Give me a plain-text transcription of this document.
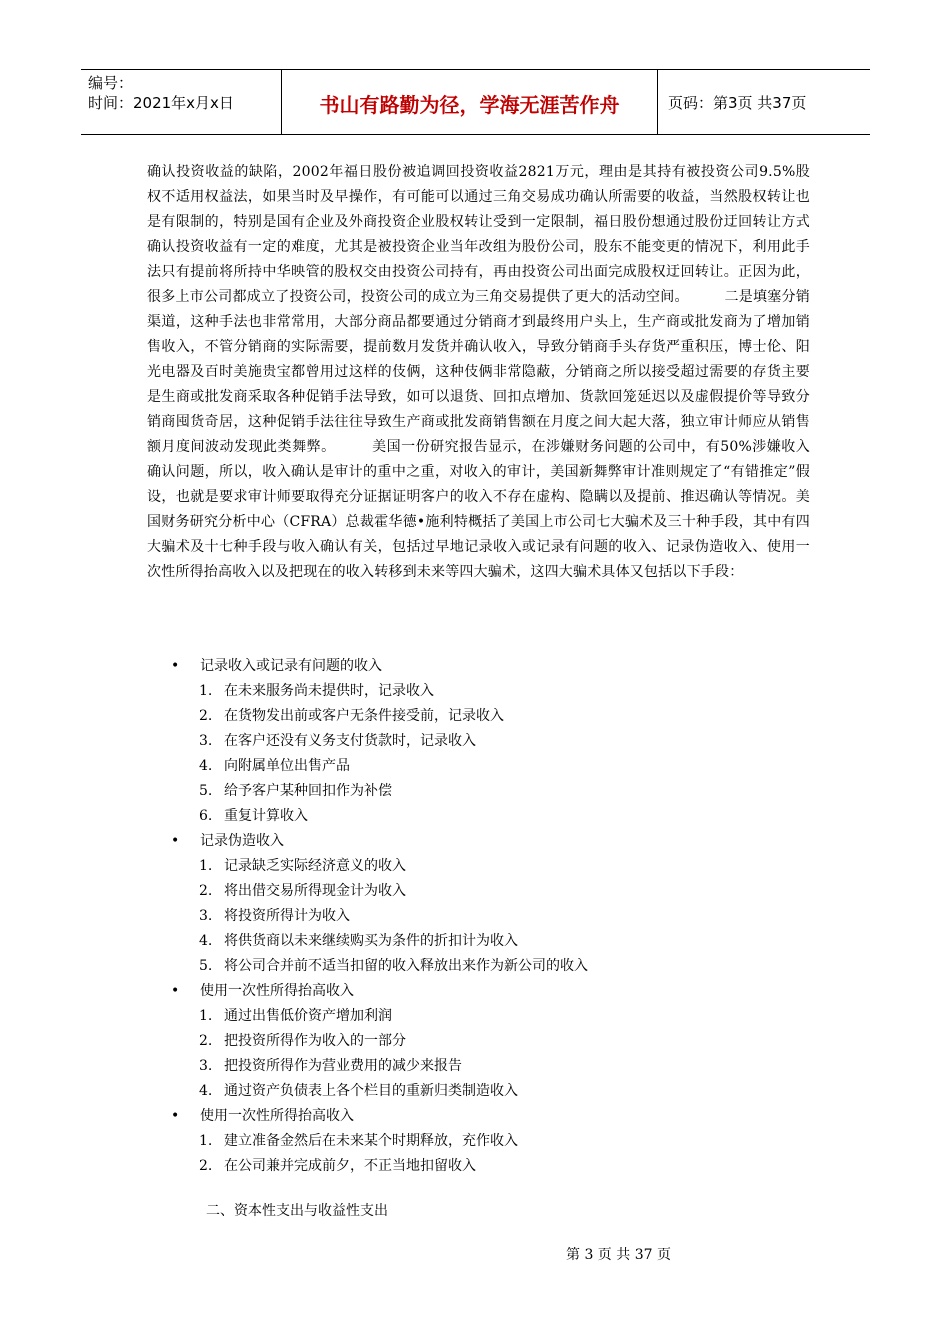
编号：
时间：2021年x月x日	书山有路勤为径，学海无涯苦作舟	页码：第3页 共37页

确认投资收益的缺陷，2002年福日股份被追调回投资收益2821万元，理由是其持有被投资公司9.5%股权不适用权益法，如果当时及早操作，有可能可以通过三角交易成功确认所需要的收益，当然股权转让也是有限制的，特别是国有企业及外商投资企业股权转让受到一定限制，福日股份想通过股份迂回转让方式确认投资收益有一定的难度，尤其是被投资企业当年改组为股份公司，股东不能变更的情况下，利用此手法只有提前将所持中华映管的股权交由投资公司持有，再由投资公司出面完成股权迂回转让。正因为此，很多上市公司都成立了投资公司，投资公司的成立为三角交易提供了更大的活动空间。　　　二是填塞分销渠道，这种手法也非常常用，大部分商品都要通过分销商才到最终用户头上，生产商或批发商为了增加销售收入，不管分销商的实际需要，提前数月发货并确认收入，导致分销商手头存货严重积压，博士伦、阳光电器及百时美施贵宝都曾用过这样的伎俩，这种伎俩非常隐蔽，分销商之所以接受超过需要的存货主要是生商或批发商采取各种促销手法导致，如可以退货、回扣点增加、货款回笼延迟以及虚假提价等导致分销商囤货奇居，这种促销手法往往导致生产商或批发商销售额在月度之间大起大落，独立审计师应从销售额月度间波动发现此类舞弊。　　　美国一份研究报告显示，在涉嫌财务问题的公司中，有50%涉嫌收入确认问题，所以，收入确认是审计的重中之重，对收入的审计，美国新舞弊审计准则规定了“有错推定”假设，也就是要求审计师要取得充分证据证明客户的收入不存在虚构、隐瞒以及提前、推迟确认等情况。美国财务研究分析中心（CFRA）总裁霍华德•施利特概括了美国上市公司七大骗术及三十种手段，其中有四大骗术及十七种手段与收入确认有关，包括过早地记录收入或记录有问题的收入、记录伪造收入、使用一次性所得抬高收入以及把现在的收入转移到未来等四大骗术，这四大骗术具体又包括以下手段：

• 记录收入或记录有问题的收入
1. 在未来服务尚未提供时，记录收入
2. 在货物发出前或客户无条件接受前，记录收入
3. 在客户还没有义务支付货款时，记录收入
4. 向附属单位出售产品
5. 给予客户某种回扣作为补偿
6. 重复计算收入
• 记录伪造收入
1. 记录缺乏实际经济意义的收入
2. 将出借交易所得现金计为收入
3. 将投资所得计为收入
4. 将供货商以未来继续购买为条件的折扣计为收入
5. 将公司合并前不适当扣留的收入释放出来作为新公司的收入
• 使用一次性所得抬高收入
1. 通过出售低价资产增加利润
2. 把投资所得作为收入的一部分
3. 把投资所得作为营业费用的减少来报告
4. 通过资产负债表上各个栏目的重新归类制造收入
• 使用一次性所得抬高收入
1. 建立准备金然后在未来某个时期释放，充作收入
2. 在公司兼并完成前夕，不正当地扣留收入
二、资本性支出与收益性支出
第 3 页 共 37 页
